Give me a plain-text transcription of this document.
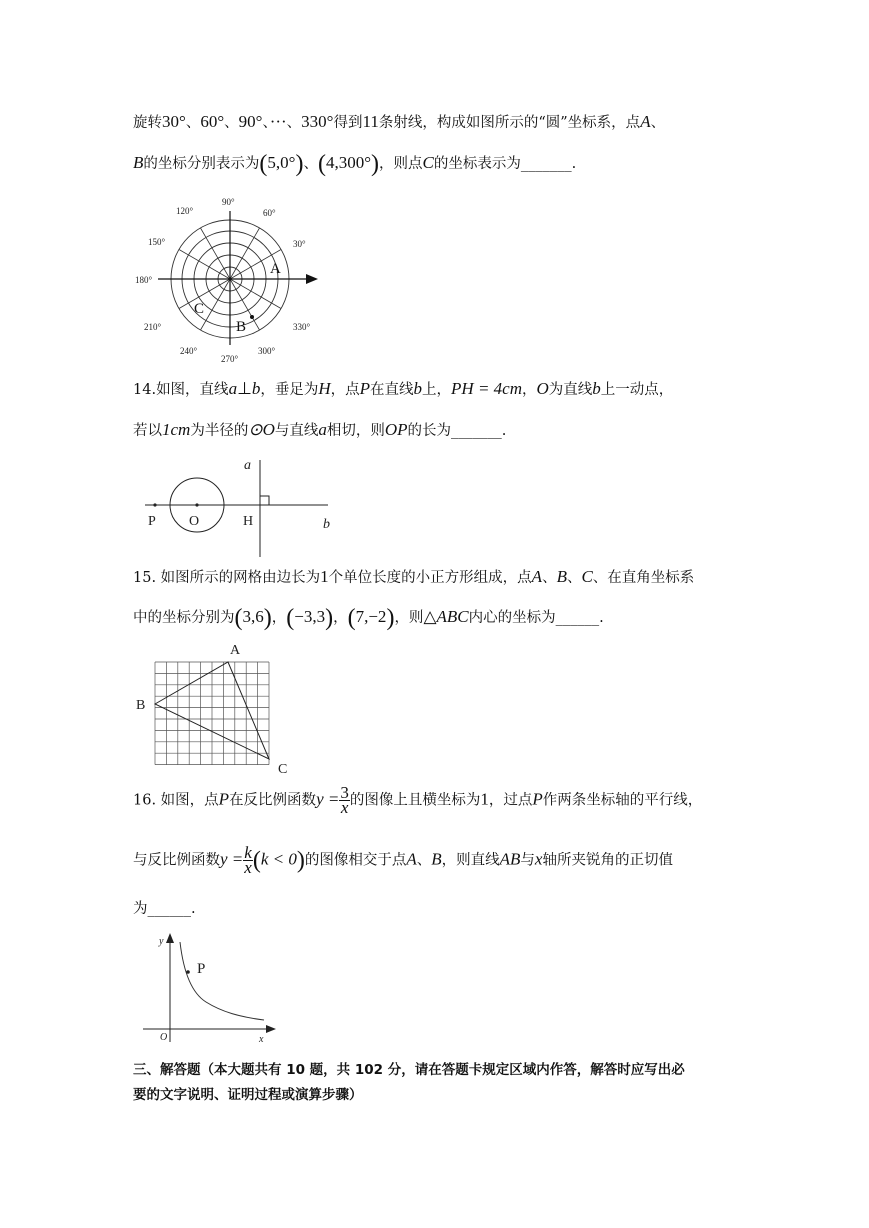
旋转30°、60°、90°、···、330°得到11条射线，构成如图所示的“圆”坐标系，点A、
B的坐标分别表示为(5,0°)、(4,300°)，则点C的坐标表示为_______.
90°
60°
30°
120°
150°
180°
210°
240°
270°
300°
330°
A
B
C
14.如图，直线a⊥b，垂足为H，点P在直线b上，PH = 4cm，O为直线b上一动点，
若以1cm为半径的⊙O与直线a相切，则OP的长为_______.
a
P O	H	b
15. 如图所示的网格由边长为1个单位长度的小正方形组成，点A、B、C、在直角坐标系
中的坐标分别为(3,6)，(−3,3)，(7,−2)，则△ABC内心的坐标为______.
A
B
C
16. 如图，点P在反比例函数$y = \frac{3}{x}$ 的图像上且横坐标为1，过点P作两条坐标轴的平行线，
与反比例函数$y = \frac{k}{x} (k < 0)$的图像相交于点A、B，则直线AB与x轴所夹锐角的正切值
为______.
y
P
O	x
三、解答题（本大题共有 10 题，共 102 分，请在答题卡规定区域内作答，解答时应写出必
要的文字说明、证明过程或演算步骤）
